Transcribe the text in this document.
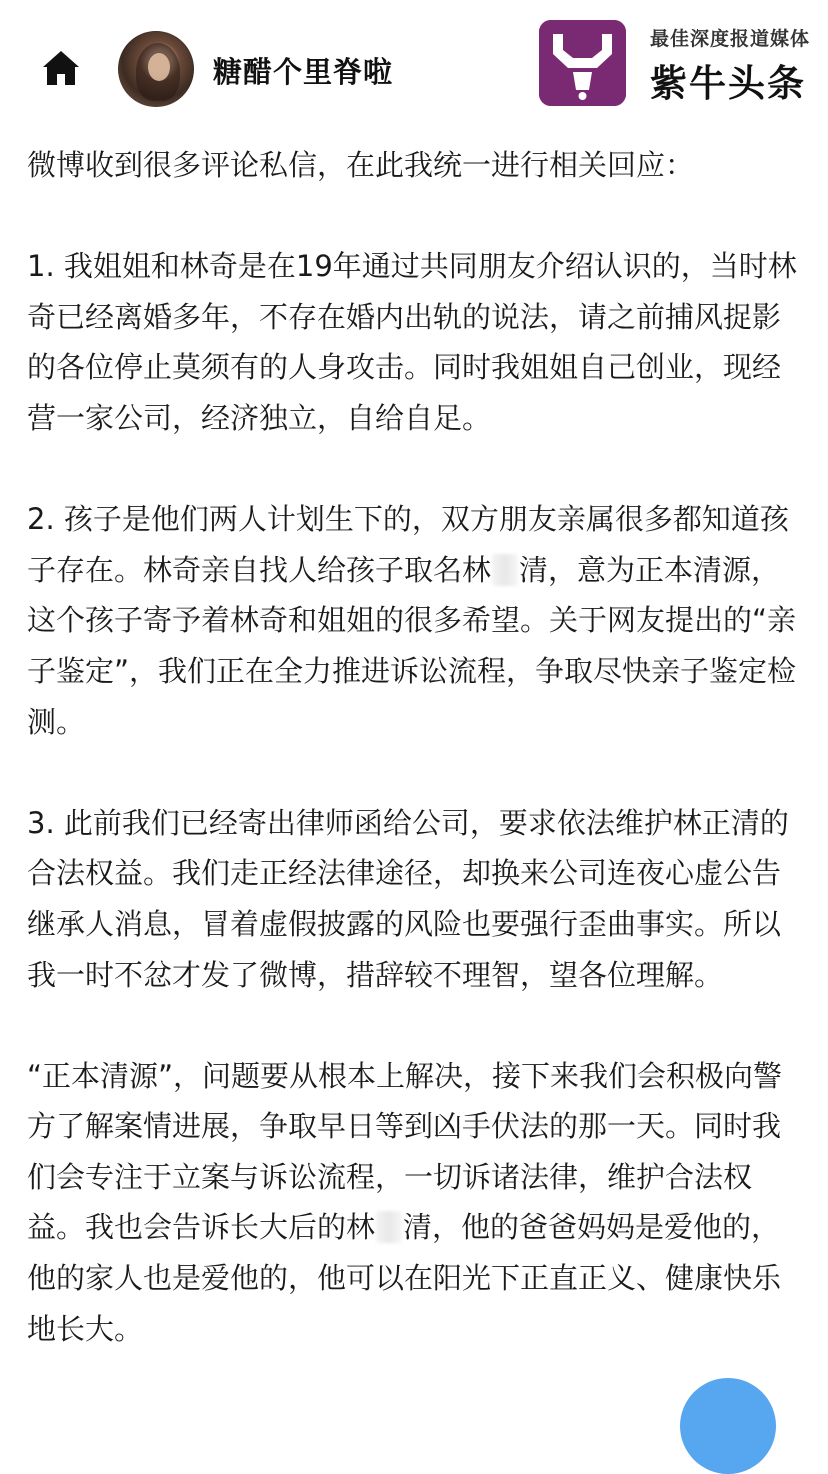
糖醋个里脊啦
最佳深度报道媒体
紫牛头条

微博收到很多评论私信，在此我统一进行相关回应：

1. 我姐姐和林奇是在19年通过共同朋友介绍认识的，当时林奇已经离婚多年，不存在婚内出轨的说法，请之前捕风捉影的各位停止莫须有的人身攻击。同时我姐姐自己创业，现经营一家公司，经济独立，自给自足。

2. 孩子是他们两人计划生下的，双方朋友亲属很多都知道孩子存在。林奇亲自找人给孩子取名林 清，意为正本清源，这个孩子寄予着林奇和姐姐的很多希望。关于网友提出的“亲子鉴定”，我们正在全力推进诉讼流程，争取尽快亲子鉴定检测。

3. 此前我们已经寄出律师函给公司，要求依法维护林正清的合法权益。我们走正经法律途径，却换来公司连夜心虚公告继承人消息，冒着虚假披露的风险也要强行歪曲事实。所以我一时不忿才发了微博，措辞较不理智，望各位理解。

“正本清源”，问题要从根本上解决，接下来我们会积极向警方了解案情进展，争取早日等到凶手伏法的那一天。同时我们会专注于立案与诉讼流程，一切诉诸法律，维护合法权益。我也会告诉长大后的林 清，他的爸爸妈妈是爱他的，他的家人也是爱他的，他可以在阳光下正直正义、健康快乐地长大。
